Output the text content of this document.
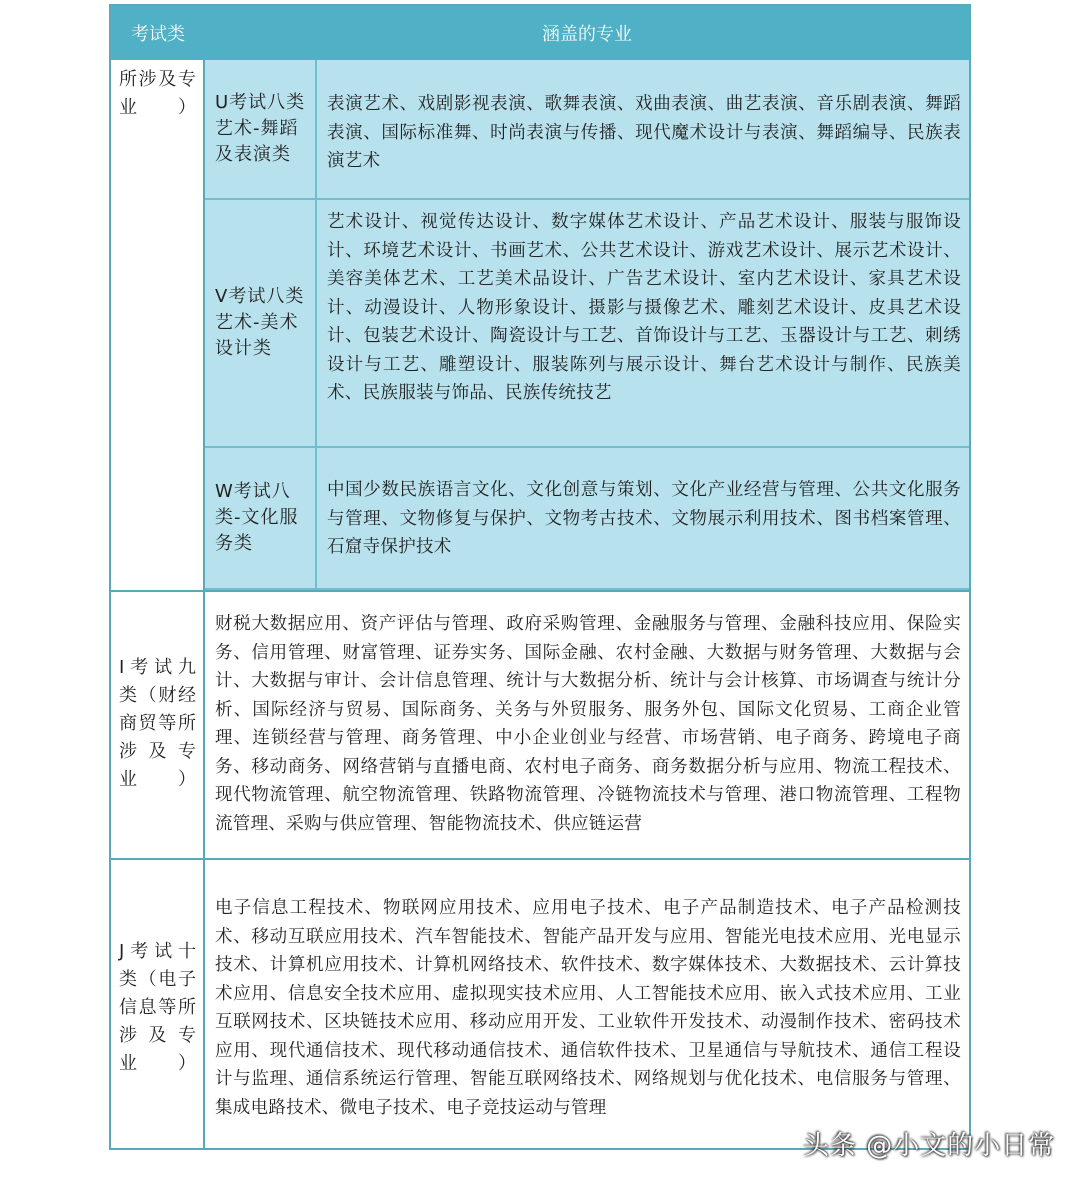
考试类	涵盖的专业
所涉及专业）	U考试八类艺术-舞蹈及表演类
表演艺术、戏剧影视表演、歌舞表演、戏曲表演、曲艺表演、音乐剧表演、舞蹈表演、国际标准舞、时尚表演与传播、现代魔术设计与表演、舞蹈编导、民族表演艺术
V考试八类艺术-美术设计类
艺术设计、视觉传达设计、数字媒体艺术设计、产品艺术设计、服装与服饰设计、环境艺术设计、书画艺术、公共艺术设计、游戏艺术设计、展示艺术设计、美容美体艺术、工艺美术品设计、广告艺术设计、室内艺术设计、家具艺术设计、动漫设计、人物形象设计、摄影与摄像艺术、雕刻艺术设计、皮具艺术设计、包装艺术设计、陶瓷设计与工艺、首饰设计与工艺、玉器设计与工艺、刺绣设计与工艺、雕塑设计、服装陈列与展示设计、舞台艺术设计与制作、民族美术、民族服装与饰品、民族传统技艺
W考试八类-文化服务类
中国少数民族语言文化、文化创意与策划、文化产业经营与管理、公共文化服务与管理、文物修复与保护、文物考古技术、文物展示利用技术、图书档案管理、石窟寺保护技术
I考试九类（财经商贸等所涉及专业）
财税大数据应用、资产评估与管理、政府采购管理、金融服务与管理、金融科技应用、保险实务、信用管理、财富管理、证券实务、国际金融、农村金融、大数据与财务管理、大数据与会计、大数据与审计、会计信息管理、统计与大数据分析、统计与会计核算、市场调查与统计分析、国际经济与贸易、国际商务、关务与外贸服务、服务外包、国际文化贸易、工商企业管理、连锁经营与管理、商务管理、中小企业创业与经营、市场营销、电子商务、跨境电子商务、移动商务、网络营销与直播电商、农村电子商务、商务数据分析与应用、物流工程技术、现代物流管理、航空物流管理、铁路物流管理、冷链物流技术与管理、港口物流管理、工程物流管理、采购与供应管理、智能物流技术、供应链运营
J考试十类（电子信息等所涉及专业）
电子信息工程技术、物联网应用技术、应用电子技术、电子产品制造技术、电子产品检测技术、移动互联应用技术、汽车智能技术、智能产品开发与应用、智能光电技术应用、光电显示技术、计算机应用技术、计算机网络技术、软件技术、数字媒体技术、大数据技术、云计算技术应用、信息安全技术应用、虚拟现实技术应用、人工智能技术应用、嵌入式技术应用、工业互联网技术、区块链技术应用、移动应用开发、工业软件开发技术、动漫制作技术、密码技术应用、现代通信技术、现代移动通信技术、通信软件技术、卫星通信与导航技术、通信工程设计与监理、通信系统运行管理、智能互联网络技术、网络规划与优化技术、电信服务与管理、集成电路技术、微电子技术、电子竞技运动与管理
头条 @小文的小日常
